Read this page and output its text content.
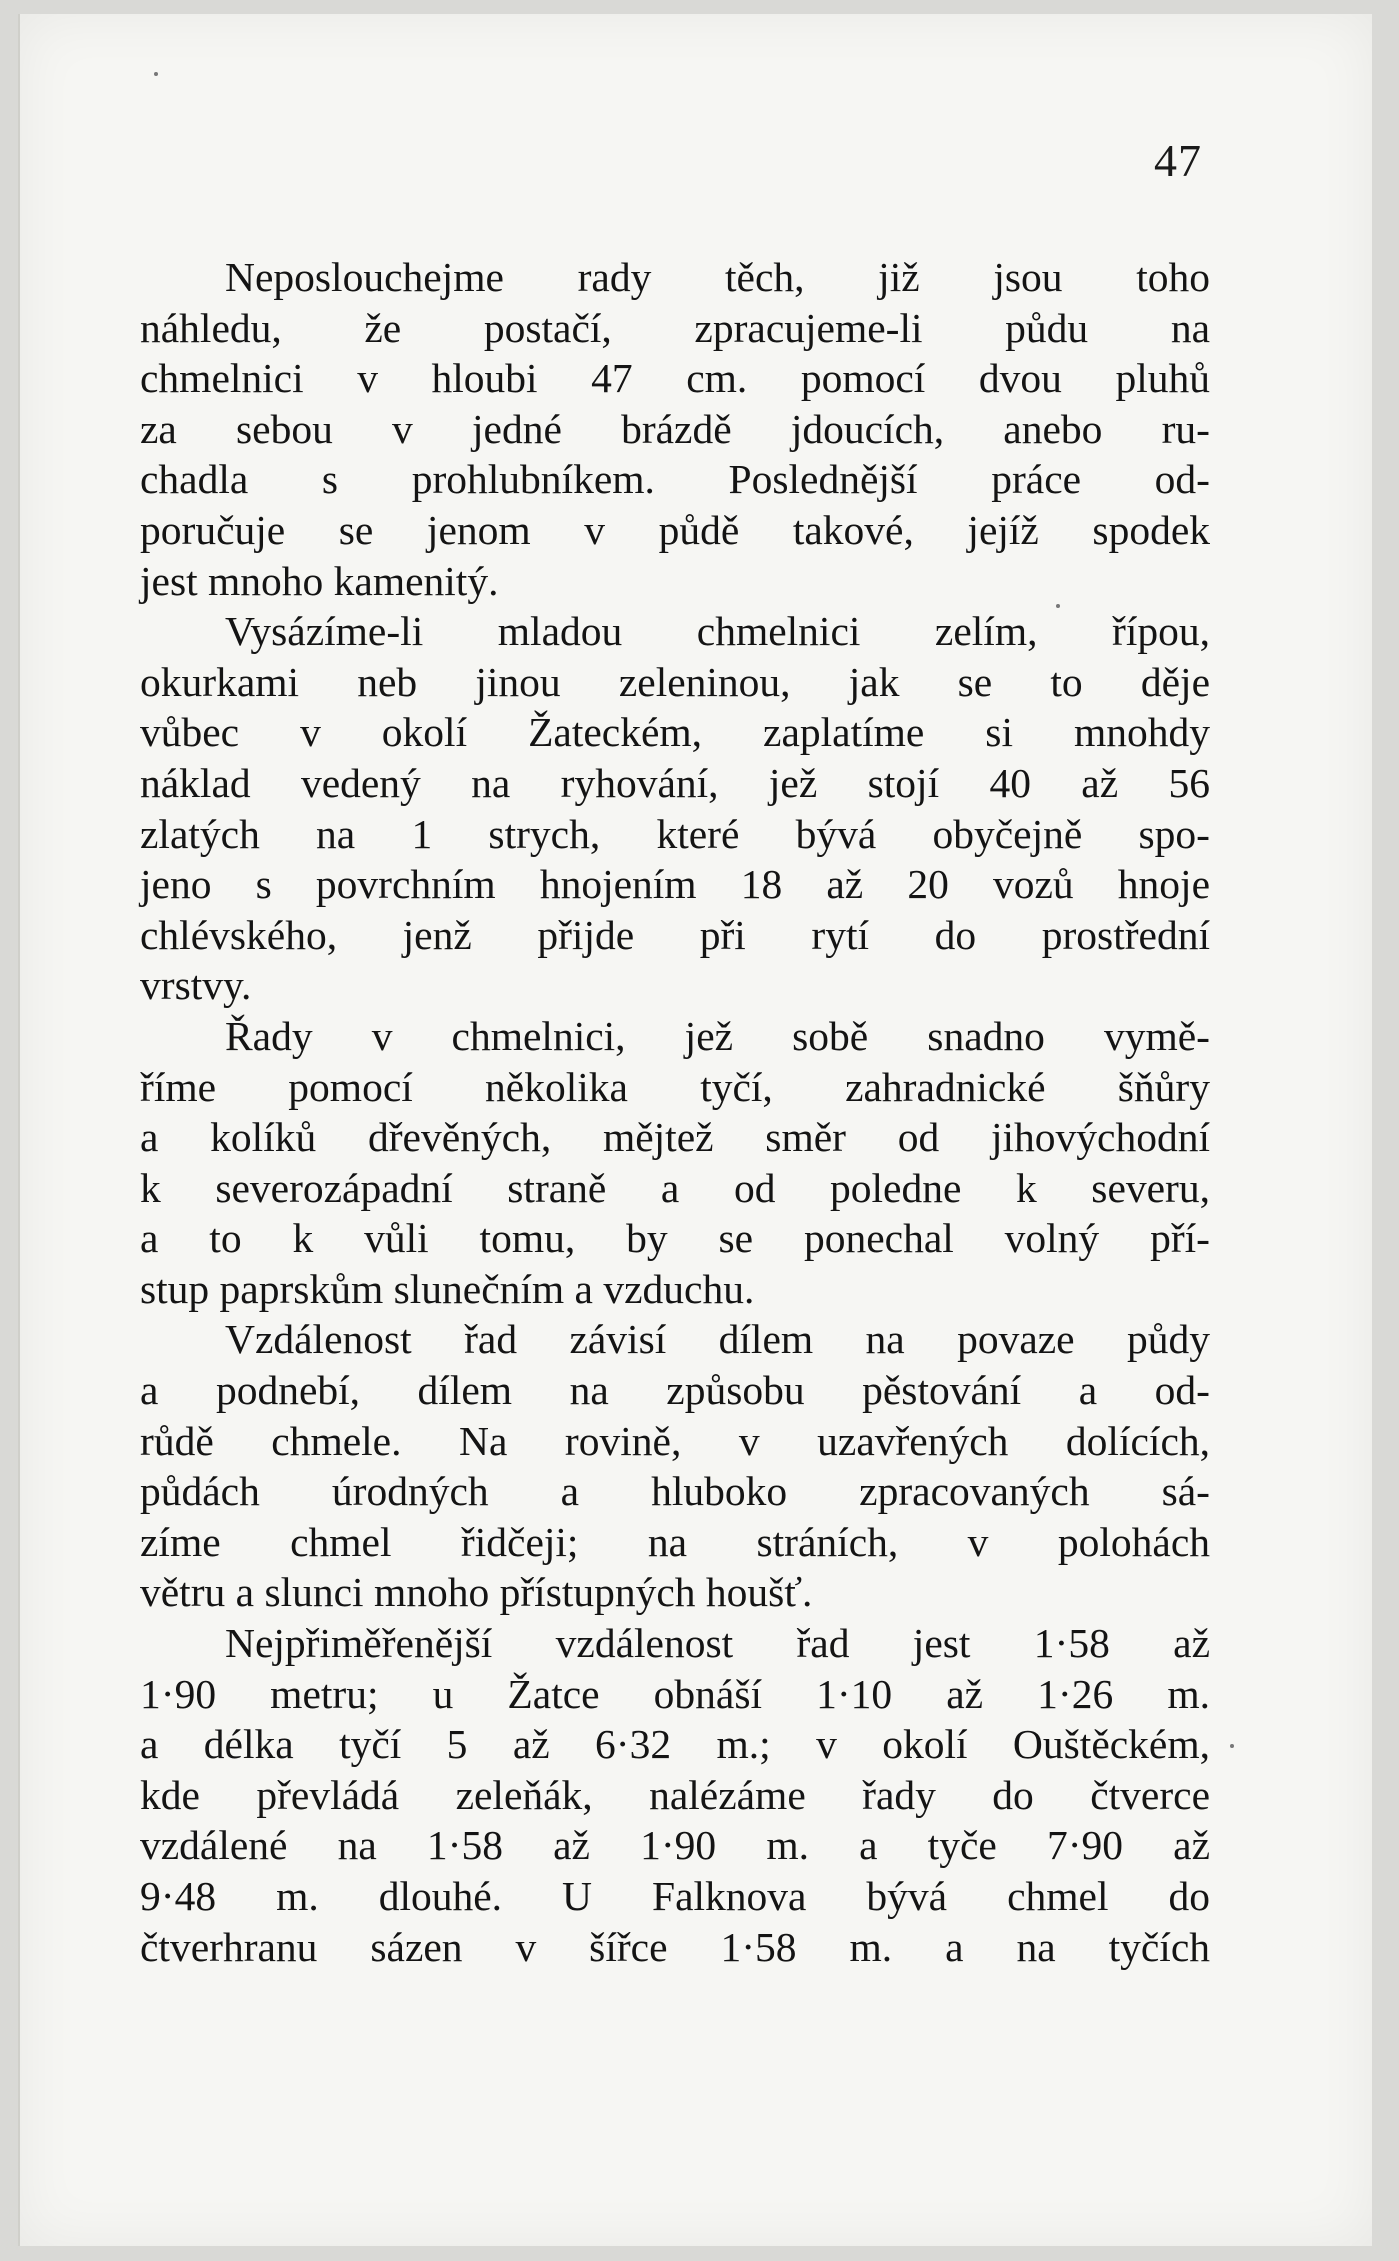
47
Neposlouchejme rady těch, již jsou toho
náhledu, že postačí, zpracujeme-li půdu na
chmelnici v hloubi 47 cm. pomocí dvou pluhů
za sebou v jedné brázdě jdoucích, anebo ru-
chadla s prohlubníkem. Poslednější práce od-
poručuje se jenom v půdě takové, jejíž spodek
jest mnoho kamenitý.
Vysázíme-li mladou chmelnici zelím, řípou,
okurkami neb jinou zeleninou, jak se to děje
vůbec v okolí Žateckém, zaplatíme si mnohdy
náklad vedený na ryhování, jež stojí 40 až 56
zlatých na 1 strych, které bývá obyčejně spo-
jeno s povrchním hnojením 18 až 20 vozů hnoje
chlévského, jenž přijde při rytí do prostřední
vrstvy.
Řady v chmelnici, jež sobě snadno vymě-
říme pomocí několika tyčí, zahradnické šňůry
a kolíků dřevěných, mějtež směr od jihovýchodní
k severozápadní straně a od poledne k severu,
a to k vůli tomu, by se ponechal volný pří-
stup paprskům slunečním a vzduchu.
Vzdálenost řad závisí dílem na povaze půdy
a podnebí, dílem na způsobu pěstování a od-
růdě chmele. Na rovině, v uzavřených dolících,
půdách úrodných a hluboko zpracovaných sá-
zíme chmel řidčeji; na stráních, v polohách
větru a slunci mnoho přístupných houšť.
Nejpřiměřenější vzdálenost řad jest 1·58 až
1·90 metru; u Žatce obnáší 1·10 až 1·26 m.
a délka tyčí 5 až 6·32 m.; v okolí Ouštěckém,
kde převládá zeleňák, nalézáme řady do čtverce
vzdálené na 1·58 až 1·90 m. a tyče 7·90 až
9·48 m. dlouhé. U Falknova bývá chmel do
čtverhranu sázen v šířce 1·58 m. a na tyčích
